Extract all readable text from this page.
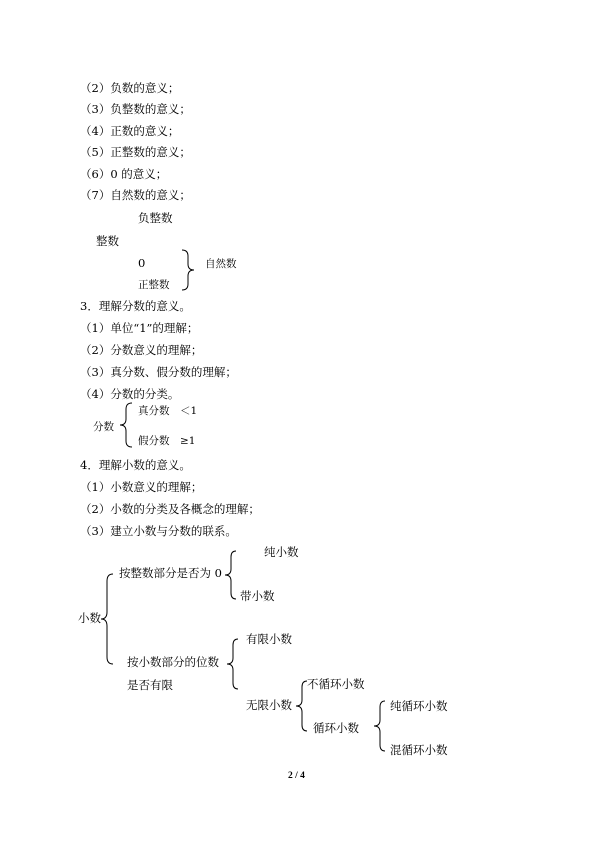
（2）负数的意义；
（3）负整数的意义；
（4）正数的意义；
（5）正整数的意义；
（6）0 的意义；
（7）自然数的意义；
负整数
整数
0
正整数
自然数
3．理解分数的意义。
（1）单位“1”的理解；
（2）分数意义的理解；
（3）真分数、假分数的理解；
（4）分数的分类。
分数
真分数 ＜1
假分数 ≥1
4．理解小数的意义。
（1）小数意义的理解；
（2）小数的分类及各概念的理解；
（3）建立小数与分数的联系。
小数
按整数部分是否为 0
纯小数
带小数
按小数部分的位数
是否有限
有限小数
无限小数
不循环小数
循环小数
纯循环小数
混循环小数
2 / 4
